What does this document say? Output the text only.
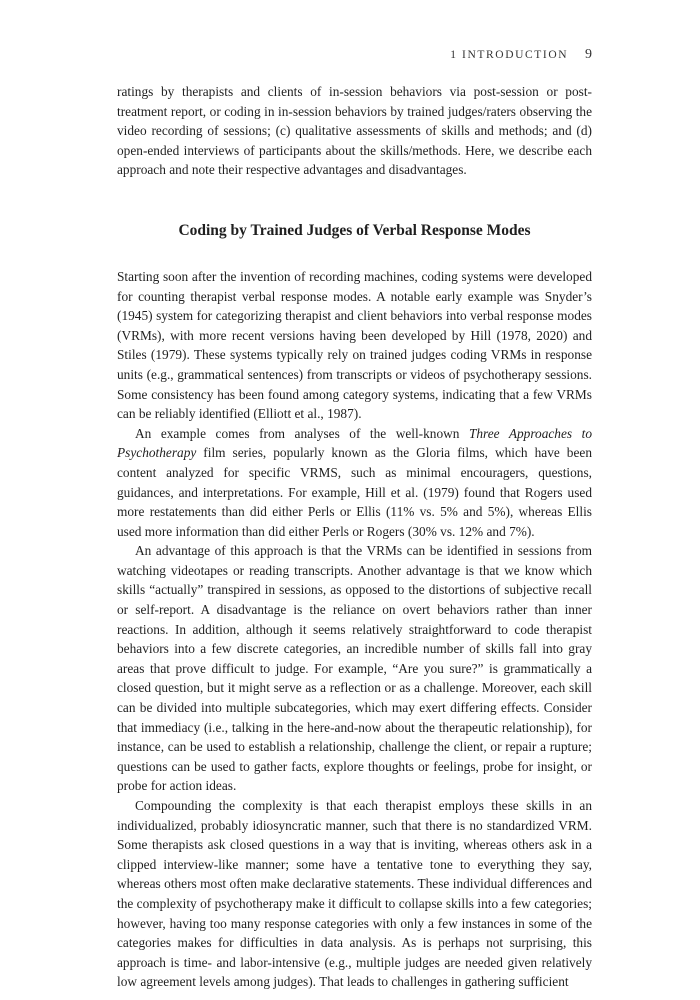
1 INTRODUCTION 9

ratings by therapists and clients of in-session behaviors via post-session or post-treatment report, or coding in in-session behaviors by trained judges/raters observing the video recording of sessions; (c) qualitative assessments of skills and methods; and (d) open-ended interviews of participants about the skills/methods. Here, we describe each approach and note their respective advantages and disadvantages.

Coding by Trained Judges of Verbal Response Modes

Starting soon after the invention of recording machines, coding systems were developed for counting therapist verbal response modes. A notable early example was Snyder’s (1945) system for categorizing therapist and client behaviors into verbal response modes (VRMs), with more recent versions having been developed by Hill (1978, 2020) and Stiles (1979). These systems typically rely on trained judges coding VRMs in response units (e.g., grammatical sentences) from transcripts or videos of psychotherapy sessions. Some consistency has been found among category systems, indicating that a few VRMs can be reliably identified (Elliott et al., 1987).

An example comes from analyses of the well-known Three Approaches to Psychotherapy film series, popularly known as the Gloria films, which have been content analyzed for specific VRMS, such as minimal encouragers, questions, guidances, and interpretations. For example, Hill et al. (1979) found that Rogers used more restatements than did either Perls or Ellis (11% vs. 5% and 5%), whereas Ellis used more information than did either Perls or Rogers (30% vs. 12% and 7%).

An advantage of this approach is that the VRMs can be identified in sessions from watching videotapes or reading transcripts. Another advantage is that we know which skills “actually” transpired in sessions, as opposed to the distortions of subjective recall or self-report. A disadvantage is the reliance on overt behaviors rather than inner reactions. In addition, although it seems relatively straightforward to code therapist behaviors into a few discrete categories, an incredible number of skills fall into gray areas that prove difficult to judge. For example, “Are you sure?” is grammatically a closed question, but it might serve as a reflection or as a challenge. Moreover, each skill can be divided into multiple subcategories, which may exert differing effects. Consider that immediacy (i.e., talking in the here-and-now about the therapeutic relationship), for instance, can be used to establish a relationship, challenge the client, or repair a rupture; questions can be used to gather facts, explore thoughts or feelings, probe for insight, or probe for action ideas.

Compounding the complexity is that each therapist employs these skills in an individualized, probably idiosyncratic manner, such that there is no standardized VRM. Some therapists ask closed questions in a way that is inviting, whereas others ask in a clipped interview-like manner; some have a tentative tone to everything they say, whereas others most often make declarative statements. These individual differences and the complexity of psychotherapy make it difficult to collapse skills into a few categories; however, having too many response categories with only a few instances in some of the categories makes for difficulties in data analysis. As is perhaps not surprising, this approach is time- and labor-intensive (e.g., multiple judges are needed given relatively low agreement levels among judges). That leads to challenges in gathering sufficient
